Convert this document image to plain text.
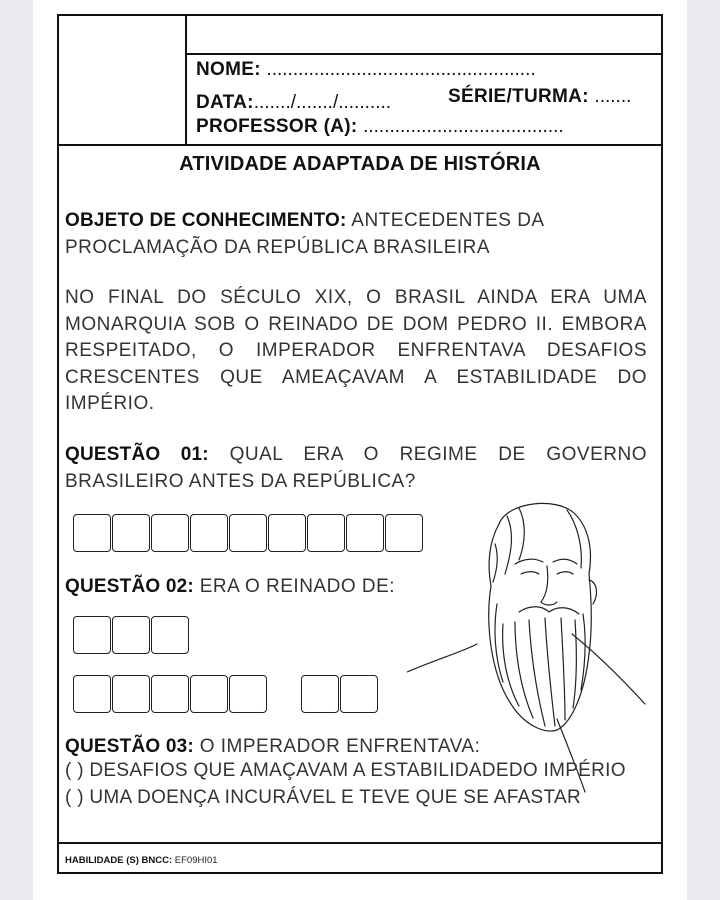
NOME: ...................................................
DATA:......./......./..........	SÉRIE/TURMA: .......
PROFESSOR (A): ......................................
ATIVIDADE ADAPTADA DE HISTÓRIA
OBJETO DE CONHECIMENTO: ANTECEDENTES DA PROCLAMAÇÃO DA REPÚBLICA BRASILEIRA
NO FINAL DO SÉCULO XIX, O BRASIL AINDA ERA UMA MONARQUIA SOB O REINADO DE DOM PEDRO II. EMBORA RESPEITADO, O IMPERADOR ENFRENTAVA DESAFIOS CRESCENTES QUE AMEAÇAVAM A ESTABILIDADE DO IMPÉRIO.
QUESTÃO 01: QUAL ERA O REGIME DE GOVERNO BRASILEIRO ANTES DA REPÚBLICA?
QUESTÃO 02: ERA O REINADO DE:
QUESTÃO 03: O IMPERADOR ENFRENTAVA:
( ) DESAFIOS QUE AMAÇAVAM A ESTABILIDADEDO IMPÉRIO
( ) UMA DOENÇA INCURÁVEL E TEVE QUE SE AFASTAR
HABILIDADE (S) BNCC: EF09HI01
